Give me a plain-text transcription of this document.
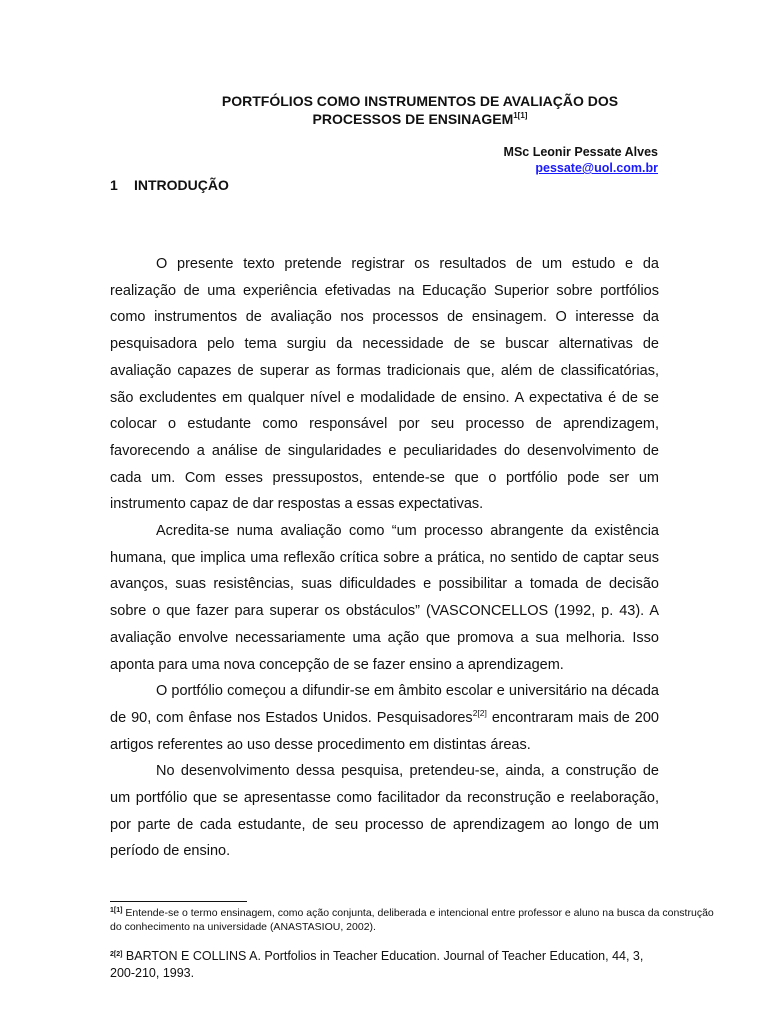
PORTFÓLIOS COMO INSTRUMENTOS DE AVALIAÇÃO DOS
PROCESSOS DE $ENSINAGEM^{1[1]}$
MSc Leonir Pessate Alves
pessate@uol.com.br
1 INTRODUÇÃO

O presente texto pretende registrar os resultados de um estudo e da realização de uma experiência efetivadas na Educação Superior sobre portfólios como instrumentos de avaliação nos processos de ensinagem. O interesse da pesquisadora pelo tema surgiu da necessidade de se buscar alternativas de avaliação capazes de superar as formas tradicionais que, além de classificatórias, são excludentes em qualquer nível e modalidade de ensino. A expectativa é de se colocar o estudante como responsável por seu processo de aprendizagem, favorecendo a análise de singularidades e peculiaridades do desenvolvimento de cada um. Com esses pressupostos, entende-se que o portfólio pode ser um instrumento capaz de dar respostas a essas expectativas.

Acredita-se numa avaliação como “um processo abrangente da existência humana, que implica uma reflexão crítica sobre a prática, no sentido de captar seus avanços, suas resistências, suas dificuldades e possibilitar a tomada de decisão sobre o que fazer para superar os obstáculos” (VASCONCELLOS (1992, p. 43). A avaliação envolve necessariamente uma ação que promova a sua melhoria. Isso aponta para uma nova concepção de se fazer ensino a aprendizagem.

O portfólio começou a difundir-se em âmbito escolar e universitário na década de 90, com ênfase nos Estados Unidos. Pesquisadores$^{2[2]}$ encontraram mais de 200 artigos referentes ao uso desse procedimento em distintas áreas.

No desenvolvimento dessa pesquisa, pretendeu-se, ainda, a construção de um portfólio que se apresentasse como facilitador da reconstrução e reelaboração, por parte de cada estudante, de seu processo de aprendizagem ao longo de um período de ensino.

$^{1[1]}$ Entende-se o termo ensinagem, como ação conjunta, deliberada e intencional entre professor e aluno na busca da construção do conhecimento na universidade (ANASTASIOU, 2002).
$^{2[2]}$ BARTON E COLLINS A. Portfolios in Teacher Education. Journal of Teacher Education, 44, 3, 200-210, 1993.
